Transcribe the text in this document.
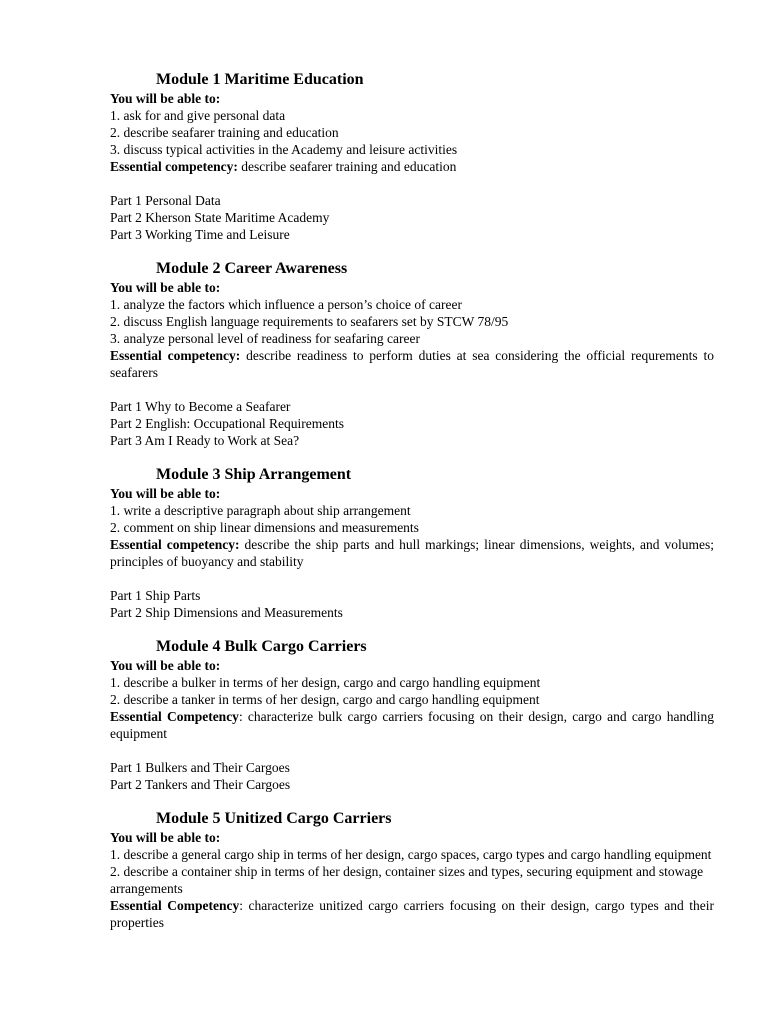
Module 1 Maritime Education

You will be able to:

1. ask for and give personal data
2. describe seafarer training and education
3. discuss typical activities in the Academy and leisure activities

Essential competency: describe seafarer training and education

Part 1 Personal Data
Part 2 Kherson State Maritime Academy
Part 3 Working Time and Leisure
Module 2 Career Awareness

You will be able to:

1. analyze the factors which influence a person’s choice of career
2. discuss English language requirements to seafarers set by STCW 78/95
3. analyze personal level of readiness for seafaring career

Essential competency: describe readiness to perform duties at sea considering the official requrements to seafarers

Part 1 Why to Become a Seafarer
Part 2 English: Occupational Requirements
Part 3 Am I Ready to Work at Sea?
Module 3 Ship Arrangement

You will be able to:

1. write a descriptive paragraph about ship arrangement
2. comment on ship linear dimensions and measurements

Essential competency: describe the ship parts and hull markings; linear dimensions, weights, and volumes; principles of buoyancy and stability

Part 1 Ship Parts
Part 2 Ship Dimensions and Measurements
Module 4 Bulk Cargo Carriers

You will be able to:

1. describe a bulker in terms of her design, cargo and cargo handling equipment
2. describe a tanker in terms of her design, cargo and cargo handling equipment

Essential Competency: characterize bulk cargo carriers focusing on their design, cargo and cargo handling equipment

Part 1 Bulkers and Their Cargoes
Part 2 Tankers and Their Cargoes
Module 5 Unitized Cargo Carriers

You will be able to:

1. describe a general cargo ship in terms of her design, cargo spaces, cargo types and cargo handling equipment
2. describe a container ship in terms of her design, container sizes and types, securing equipment and stowage arrangements

Essential Competency: characterize unitized cargo carriers focusing on their design, cargo types and their properties
